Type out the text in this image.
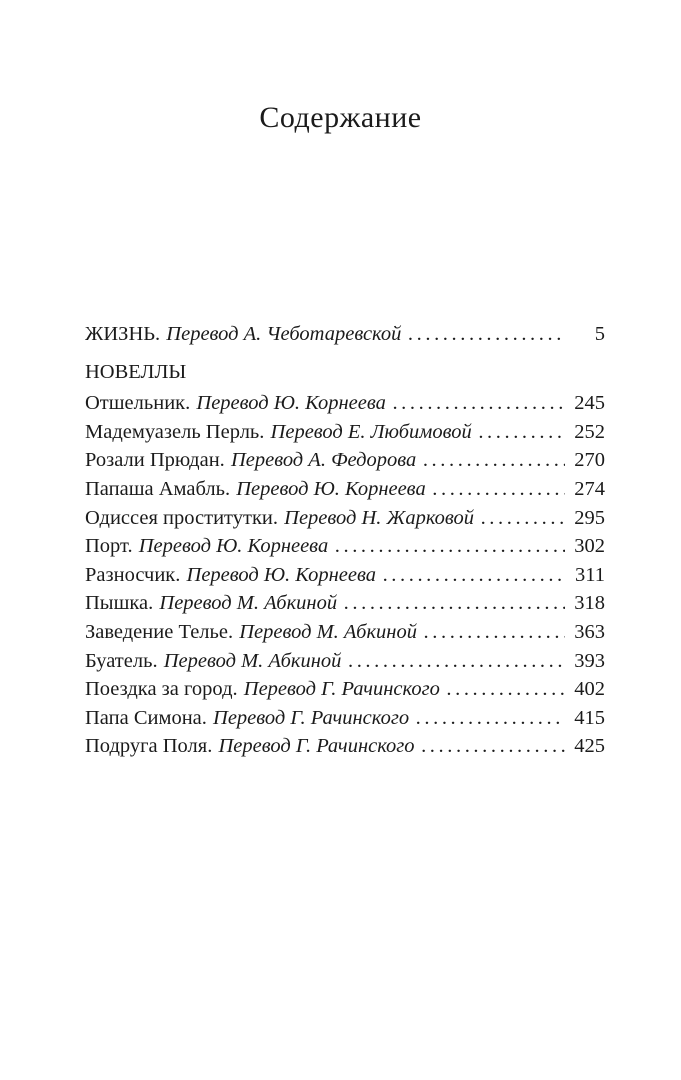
Содержание
ЖИЗНЬ. Перевод А. Чеботаревской .....	5
НОВЕЛЛЫ
Отшельник. Перевод Ю. Корнеева .....	245
Мадемуазель Перль. Перевод Е. Любимовой .....	252
Розали Прюдан. Перевод А. Федорова .....	270
Папаша Амабль. Перевод Ю. Корнеева .....	274
Одиссея проститутки. Перевод Н. Жарковой .....	295
Порт. Перевод Ю. Корнеева .....	302
Разносчик. Перевод Ю. Корнеева .....	311
Пышка. Перевод М. Абкиной .....	318
Заведение Телье. Перевод М. Абкиной .....	363
Буатель. Перевод М. Абкиной .....	393
Поездка за город. Перевод Г. Рачинского .....	402
Папа Симона. Перевод Г. Рачинского .....	415
Подруга Поля. Перевод Г. Рачинского .....	425
